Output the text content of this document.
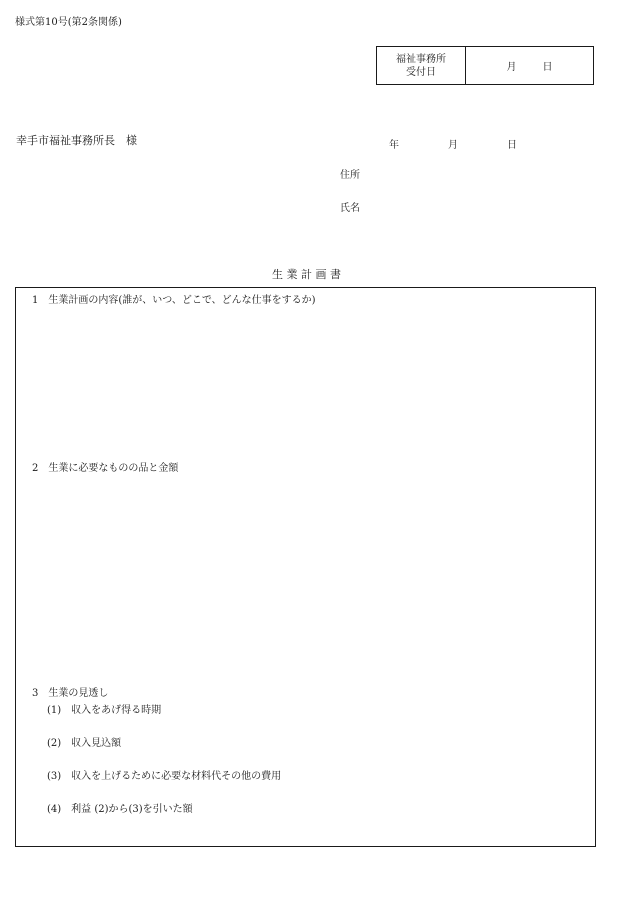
様式第10号(第2条関係)
福祉事務所
受付日	月	日
幸手市福祉事務所長　様	年	月	日
住所
氏名
生 業 計 画 書
1　生業計画の内容(誰が、いつ、どこで、どんな仕事をするか)
2　生業に必要なものの品と金額
3　生業の見透し
(1)　収入をあげ得る時期
(2)　収入見込額
(3)　収入を上げるために必要な材料代その他の費用
(4)　利益 (2)から(3)を引いた額
